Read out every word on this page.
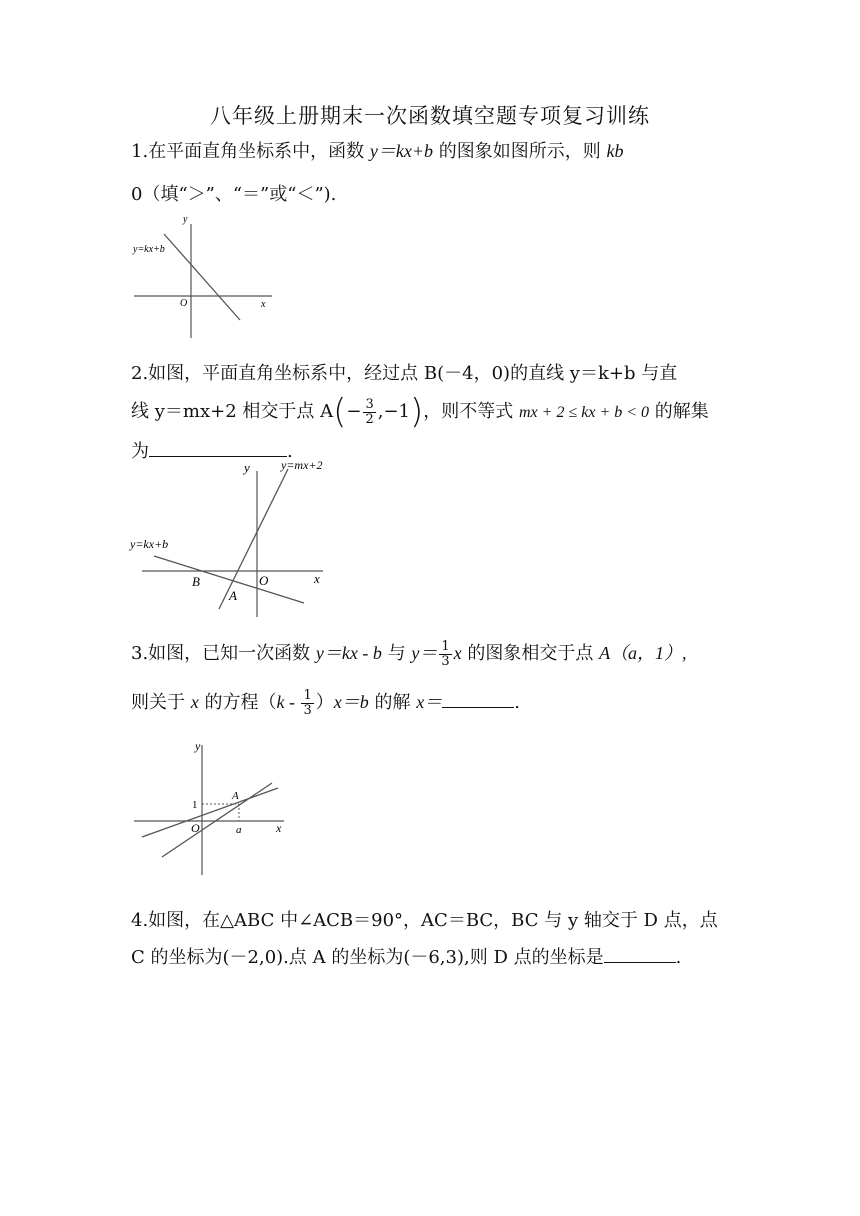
八年级上册期末一次函数填空题专项复习训练
1.在平面直角坐标系中，函数 y＝kx+b 的图象如图所示，则 kb
0（填“＞”、“＝”或“＜”).
y
x
O
y=kx+b
2.如图，平面直角坐标系中，经过点 B(－4，0)的直线 y＝k+b 与直
线 y＝mx+2 相交于点 $A(- \frac{3}{2} ,-1)$，则不等式 mx + 2 ≤ kx + b < 0 的解集
为	.
y
x
O
B
A
y=kx+b
y=mx+2
3.如图，已知一次函数 y＝kx - b 与 $y= \frac{1}{3}$ x 的图象相交于点 A（a，1）,
则关于 x 的方程$(k - \frac{1}{3} )x=b$ 的解 x＝	.
y
x
O
A
1
a
4.如图，在△ABC 中∠ACB＝90°，AC＝BC，BC 与 y 轴交于 D 点，点
C 的坐标为(－2,0).点 A 的坐标为(－6,3),则 D 点的坐标是	.
